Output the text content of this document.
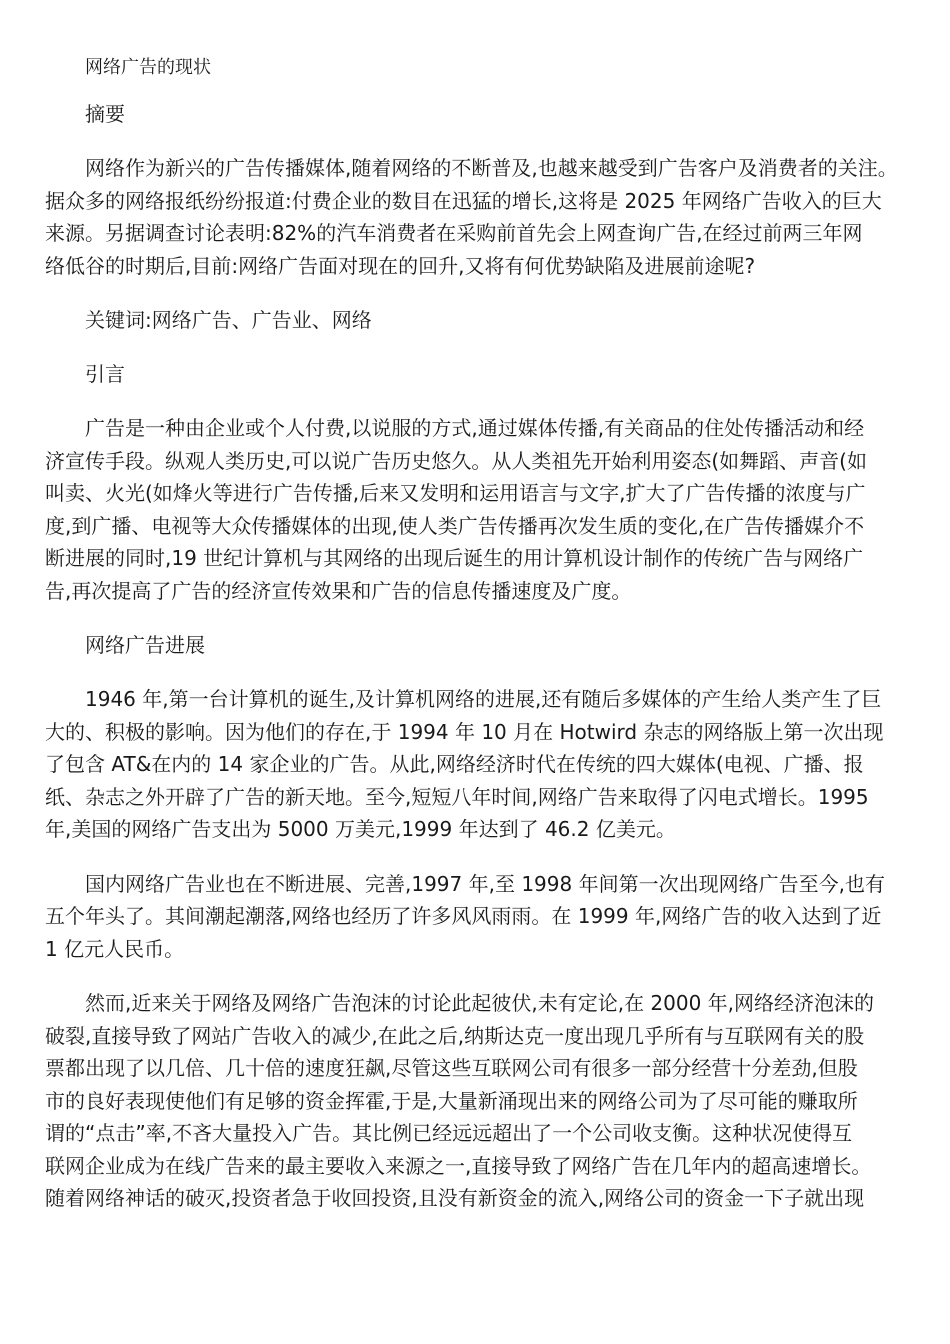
网络广告的现状
摘要
网络作为新兴的广告传播媒体,随着网络的不断普及,也越来越受到广告客户及消费者的关注。
据众多的网络报纸纷纷报道:付费企业的数目在迅猛的增长,这将是 2025 年网络广告收入的巨大
来源。另据调查讨论表明:82%的汽车消费者在采购前首先会上网查询广告,在经过前两三年网
络低谷的时期后,目前:网络广告面对现在的回升,又将有何优势缺陷及进展前途呢?
关键词:网络广告、广告业、网络
引言
广告是一种由企业或个人付费,以说服的方式,通过媒体传播,有关商品的住处传播活动和经
济宣传手段。纵观人类历史,可以说广告历史悠久。从人类祖先开始利用姿态(如舞蹈、声音(如
叫卖、火光(如烽火等进行广告传播,后来又发明和运用语言与文字,扩大了广告传播的浓度与广
度,到广播、电视等大众传播媒体的出现,使人类广告传播再次发生质的变化,在广告传播媒介不
断进展的同时,19 世纪计算机与其网络的出现后诞生的用计算机设计制作的传统广告与网络广
告,再次提高了广告的经济宣传效果和广告的信息传播速度及广度。
网络广告进展
1946 年,第一台计算机的诞生,及计算机网络的进展,还有随后多媒体的产生给人类产生了巨
大的、积极的影响。因为他们的存在,于 1994 年 10 月在 Hotwird 杂志的网络版上第一次出现
了包含 AT&在内的 14 家企业的广告。从此,网络经济时代在传统的四大媒体(电视、广播、报
纸、杂志之外开辟了广告的新天地。至今,短短八年时间,网络广告来取得了闪电式增长。1995
年,美国的网络广告支出为 5000 万美元,1999 年达到了 46.2 亿美元。
国内网络广告业也在不断进展、完善,1997 年,至 1998 年间第一次出现网络广告至今,也有
五个年头了。其间潮起潮落,网络也经历了许多风风雨雨。在 1999 年,网络广告的收入达到了近
1 亿元人民币。
然而,近来关于网络及网络广告泡沫的讨论此起彼伏,未有定论,在 2000 年,网络经济泡沫的
破裂,直接导致了网站广告收入的减少,在此之后,纳斯达克一度出现几乎所有与互联网有关的股
票都出现了以几倍、几十倍的速度狂飙,尽管这些互联网公司有很多一部分经营十分差劲,但股
市的良好表现使他们有足够的资金挥霍,于是,大量新涌现出来的网络公司为了尽可能的赚取所
谓的“点击”率,不吝大量投入广告。其比例已经远远超出了一个公司收支衡。这种状况使得互
联网企业成为在线广告来的最主要收入来源之一,直接导致了网络广告在几年内的超高速增长。
随着网络神话的破灭,投资者急于收回投资,且没有新资金的流入,网络公司的资金一下子就出现
